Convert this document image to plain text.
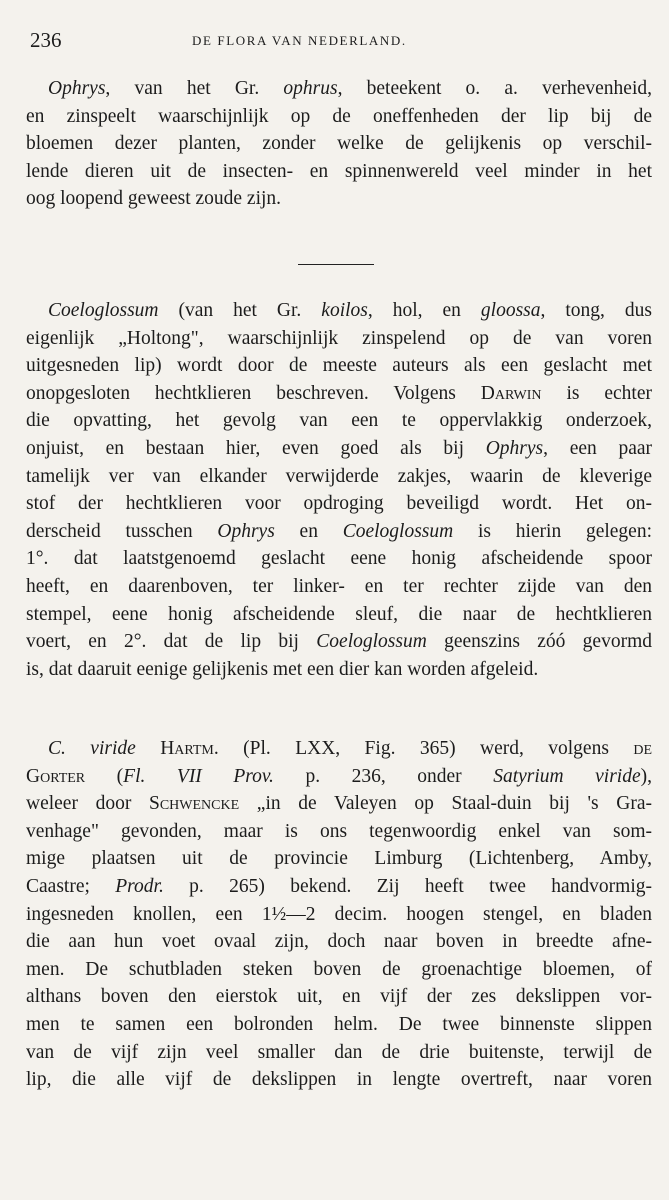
236	DE FLORA VAN NEDERLAND.
Ophrys, van het Gr. ophrus, beteekent o. a. verhevenheid,
en zinspeelt waarschijnlijk op de oneffenheden der lip bij de
bloemen dezer planten, zonder welke de gelijkenis op verschil-
lende dieren uit de insecten- en spinnenwereld veel minder in het
oog loopend geweest zoude zijn.
Coeloglossum (van het Gr. koilos, hol, en gloossa, tong, dus
eigenlijk „Holtong", waarschijnlijk zinspelend op de van voren
uitgesneden lip) wordt door de meeste auteurs als een geslacht met
onopgesloten hechtklieren beschreven. Volgens Darwin is echter
die opvatting, het gevolg van een te oppervlakkig onderzoek,
onjuist, en bestaan hier, even goed als bij Ophrys, een paar
tamelijk ver van elkander verwijderde zakjes, waarin de kleverige
stof der hechtklieren voor opdroging beveiligd wordt. Het on-
derscheid tusschen Ophrys en Coeloglossum is hierin gelegen:
1°. dat laatstgenoemd geslacht eene honig afscheidende spoor
heeft, en daarenboven, ter linker- en ter rechter zijde van den
stempel, eene honig afscheidende sleuf, die naar de hechtklieren
voert, en 2°. dat de lip bij Coeloglossum geenszins zóó gevormd
is, dat daaruit eenige gelijkenis met een dier kan worden afgeleid.
C. viride Hartm. (Pl. LXX, Fig. 365) werd, volgens de
Gorter (Fl. VII Prov. p. 236, onder Satyrium viride),
weleer door Schwencke „in de Valeyen op Staal-duin bij 's Gra-
venhage" gevonden, maar is ons tegenwoordig enkel van som-
mige plaatsen uit de provincie Limburg (Lichtenberg, Amby,
Caastre; Prodr. p. 265) bekend. Zij heeft twee handvormig-
ingesneden knollen, een 1½—2 decim. hoogen stengel, en bladen
die aan hun voet ovaal zijn, doch naar boven in breedte afne-
men. De schutbladen steken boven de groenachtige bloemen, of
althans boven den eierstok uit, en vijf der zes dekslippen vor-
men te samen een bolronden helm. De twee binnenste slippen
van de vijf zijn veel smaller dan de drie buitenste, terwijl de
lip, die alle vijf de dekslippen in lengte overtreft, naar voren
